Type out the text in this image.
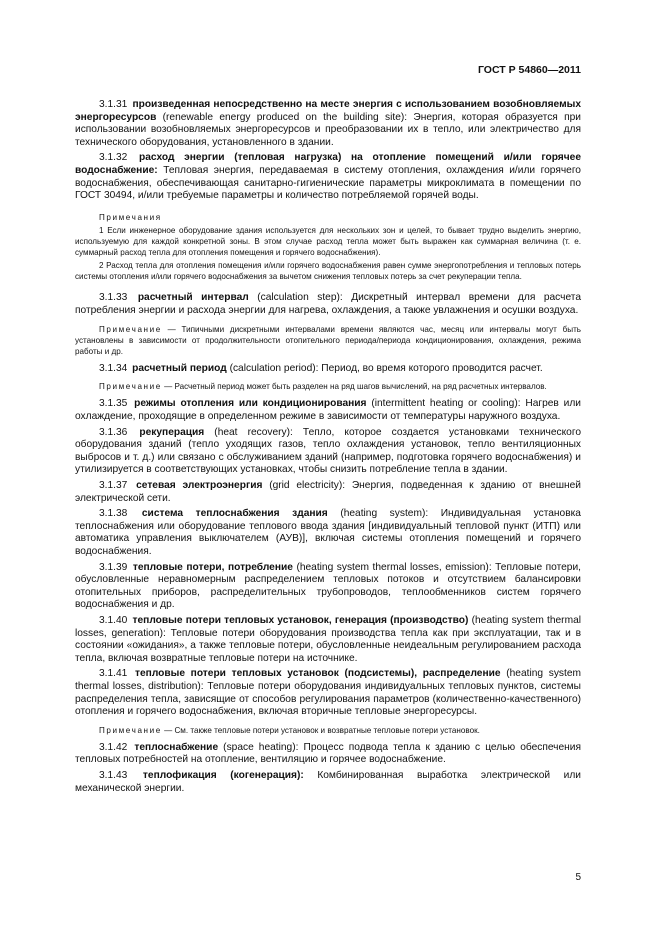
ГОСТ Р 54860—2011

3.1.31 произведенная непосредственно на месте энергия с использованием возобновляемых энергоресурсов (renewable energy produced on the building site): Энергия, которая образуется при использовании возобновляемых энергоресурсов и преобразовании их в тепло, или электричество для технического оборудования, установленного в здании.

3.1.32 расход энергии (тепловая нагрузка) на отопление помещений и/или горячее водоснабжение: Тепловая энергия, передаваемая в систему отопления, охлаждения и/или горячего водоснабжения, обеспечивающая санитарно-гигиенические параметры микроклимата в помещении по ГОСТ 30494, и/или требуемые параметры и количество потребляемой горячей воды.

Примечания

1 Если инженерное оборудование здания используется для нескольких зон и целей, то бывает трудно выделить энергию, используемую для каждой конкретной зоны. В этом случае расход тепла может быть выражен как суммарная величина (т. е. суммарный расход тепла для отопления помещения и горячего водоснабжения).

2 Расход тепла для отопления помещения и/или горячего водоснабжения равен сумме энергопотребления и тепловых потерь системы отопления и/или горячего водоснабжения за вычетом снижения тепловых потерь за счет рекуперации тепла.

3.1.33 расчетный интервал (calculation step): Дискретный интервал времени для расчета потребления энергии и расхода энергии для нагрева, охлаждения, а также увлажнения и осушки воздуха.

Примечание — Типичными дискретными интервалами времени являются час, месяц или интервалы могут быть установлены в зависимости от продолжительности отопительного периода/периода кондиционирования, охлаждения, режима работы и др.

3.1.34 расчетный период (calculation period): Период, во время которого проводится расчет.

Примечание — Расчетный период может быть разделен на ряд шагов вычислений, на ряд расчетных интервалов.

3.1.35 режимы отопления или кондиционирования (intermittent heating or cooling): Нагрев или охлаждение, проходящие в определенном режиме в зависимости от температуры наружного воздуха.

3.1.36 рекуперация (heat recovery): Тепло, которое создается установками технического оборудования зданий (тепло уходящих газов, тепло охлаждения установок, тепло вентиляционных выбросов и т. д.) или связано с обслуживанием зданий (например, подготовка горячего водоснабжения) и утилизируется в соответствующих установках, чтобы снизить потребление тепла в здании.

3.1.37 сетевая электроэнергия (grid electricity): Энергия, подведенная к зданию от внешней электрической сети.

3.1.38 система теплоснабжения здания (heating system): Индивидуальная установка теплоснабжения или оборудование теплового ввода здания [индивидуальный тепловой пункт (ИТП) или автоматика управления выключателем (АУВ)], включая системы отопления помещений и горячего водоснабжения.

3.1.39 тепловые потери, потребление (heating system thermal losses, emission): Тепловые потери, обусловленные неравномерным распределением тепловых потоков и отсутствием балансировки отопительных приборов, распределительных трубопроводов, теплообменников систем горячего водоснабжения и др.

3.1.40 тепловые потери тепловых установок, генерация (производство) (heating system thermal losses, generation): Тепловые потери оборудования производства тепла как при эксплуатации, так и в состоянии «ожидания», а также тепловые потери, обусловленные неидеальным регулированием расхода тепла, включая возвратные тепловые потери на источнике.

3.1.41 тепловые потери тепловых установок (подсистемы), распределение (heating system thermal losses, distribution): Тепловые потери оборудования индивидуальных тепловых пунктов, системы распределения тепла, зависящие от способов регулирования параметров (количественно-качественного) отопления и горячего водоснабжения, включая вторичные тепловые энергоресурсы.

Примечание — См. также тепловые потери установок и возвратные тепловые потери установок.

3.1.42 теплоснабжение (space heating): Процесс подвода тепла к зданию с целью обеспечения тепловых потребностей на отопление, вентиляцию и горячее водоснабжение.

3.1.43 теплофикация (когенерация): Комбинированная выработка электрической или механической энергии.

5
